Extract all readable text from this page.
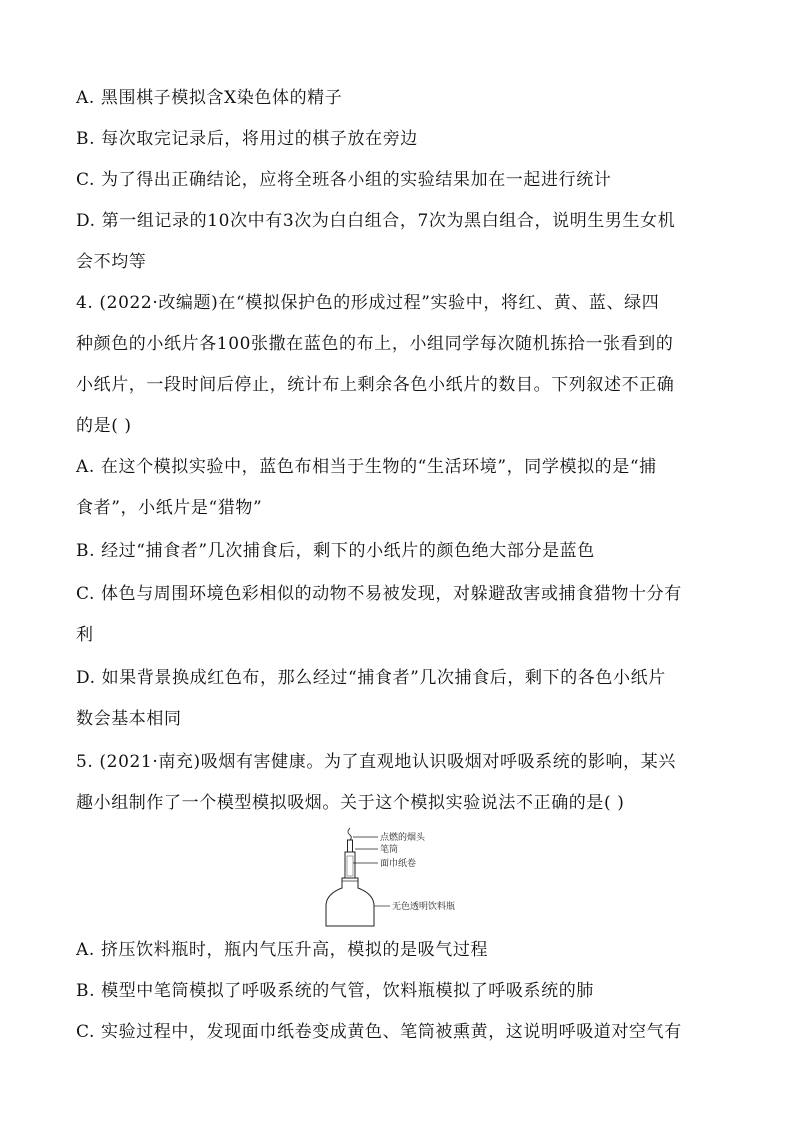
A. 黑围棋子模拟含X染色体的精子
B. 每次取完记录后，将用过的棋子放在旁边
C. 为了得出正确结论，应将全班各小组的实验结果加在一起进行统计
D. 第一组记录的10次中有3次为白白组合，7次为黑白组合，说明生男生女机
会不均等
4. (2022·改编题)在“模拟保护色的形成过程”实验中，将红、黄、蓝、绿四
种颜色的小纸片各100张撒在蓝色的布上，小组同学每次随机拣拾一张看到的
小纸片，一段时间后停止，统计布上剩余各色小纸片的数目。下列叙述不正确
的是( )
A. 在这个模拟实验中，蓝色布相当于生物的“生活环境”，同学模拟的是“捕
食者”，小纸片是“猎物”
B. 经过“捕食者”几次捕食后，剩下的小纸片的颜色绝大部分是蓝色
C. 体色与周围环境色彩相似的动物不易被发现，对躲避敌害或捕食猎物十分有
利
D. 如果背景换成红色布，那么经过“捕食者”几次捕食后，剩下的各色小纸片
数会基本相同
5. (2021·南充)吸烟有害健康。为了直观地认识吸烟对呼吸系统的影响，某兴
趣小组制作了一个模型模拟吸烟。关于这个模拟实验说法不正确的是( )
点燃的烟头
笔筒
面巾纸卷
无色透明饮料瓶
A. 挤压饮料瓶时，瓶内气压升高，模拟的是吸气过程
B. 模型中笔筒模拟了呼吸系统的气管，饮料瓶模拟了呼吸系统的肺
C. 实验过程中，发现面巾纸卷变成黄色、笔筒被熏黄，这说明呼吸道对空气有
